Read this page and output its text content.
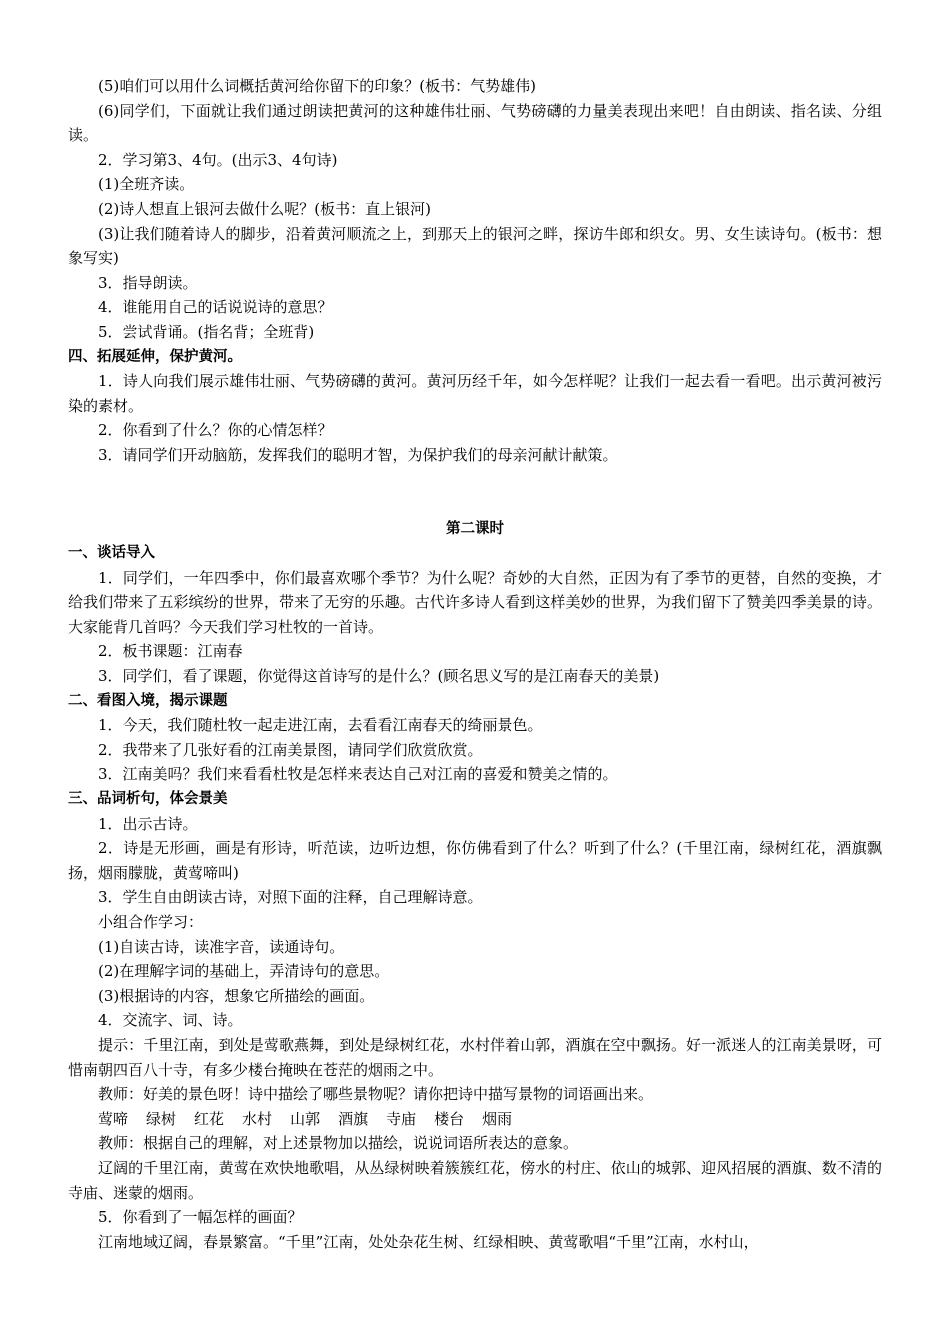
(5)咱们可以用什么词概括黄河给你留下的印象？(板书：气势雄伟)

(6)同学们，下面就让我们通过朗读把黄河的这种雄伟壮丽、气势磅礴的力量美表现出来吧！自由朗读、指名读、分组读。

2．学习第3、4句。(出示3、4句诗)

(1)全班齐读。

(2)诗人想直上银河去做什么呢？(板书：直上银河)

(3)让我们随着诗人的脚步，沿着黄河顺流之上，到那天上的银河之畔，探访牛郎和织女。男、女生读诗句。(板书：想象写实)

3．指导朗读。

4．谁能用自己的话说说诗的意思？

5．尝试背诵。(指名背；全班背)

四、拓展延伸，保护黄河。

1．诗人向我们展示雄伟壮丽、气势磅礴的黄河。黄河历经千年，如今怎样呢？让我们一起去看一看吧。出示黄河被污染的素材。

2．你看到了什么？你的心情怎样？

3．请同学们开动脑筋，发挥我们的聪明才智，为保护我们的母亲河献计献策。

第二课时

一、谈话导入

1．同学们，一年四季中，你们最喜欢哪个季节？为什么呢？奇妙的大自然，正因为有了季节的更替，自然的变换，才给我们带来了五彩缤纷的世界，带来了无穷的乐趣。古代许多诗人看到这样美妙的世界，为我们留下了赞美四季美景的诗。大家能背几首吗？今天我们学习杜牧的一首诗。

2．板书课题：江南春

3．同学们，看了课题，你觉得这首诗写的是什么？(顾名思义写的是江南春天的美景)

二、看图入境，揭示课题

1．今天，我们随杜牧一起走进江南，去看看江南春天的绮丽景色。

2．我带来了几张好看的江南美景图，请同学们欣赏欣赏。

3．江南美吗？我们来看看杜牧是怎样来表达自己对江南的喜爱和赞美之情的。

三、品词析句，体会景美

1．出示古诗。

2．诗是无形画，画是有形诗，听范读，边听边想，你仿佛看到了什么？听到了什么？(千里江南，绿树红花，酒旗飘扬，烟雨朦胧，黄莺啼叫)

3．学生自由朗读古诗，对照下面的注释，自己理解诗意。

小组合作学习：

(1)自读古诗，读准字音，读通诗句。

(2)在理解字词的基础上，弄清诗句的意思。

(3)根据诗的内容，想象它所描绘的画面。

4．交流字、词、诗。

提示：千里江南，到处是莺歌燕舞，到处是绿树红花，水村伴着山郭，酒旗在空中飘扬。好一派迷人的江南美景呀，可惜南朝四百八十寺，有多少楼台掩映在苍茫的烟雨之中。

教师：好美的景色呀！诗中描绘了哪些景物呢？请你把诗中描写景物的词语画出来。

莺啼 绿树 红花 水村 山郭 酒旗 寺庙 楼台 烟雨

教师：根据自己的理解，对上述景物加以描绘，说说词语所表达的意象。

辽阔的千里江南，黄莺在欢快地歌唱，从丛绿树映着簇簇红花，傍水的村庄、依山的城郭、迎风招展的酒旗、数不清的寺庙、迷蒙的烟雨。

5．你看到了一幅怎样的画面？

江南地域辽阔，春景繁富。“千里”江南，处处杂花生树、红绿相映、黄莺歌唱“千里”江南，水村山，
